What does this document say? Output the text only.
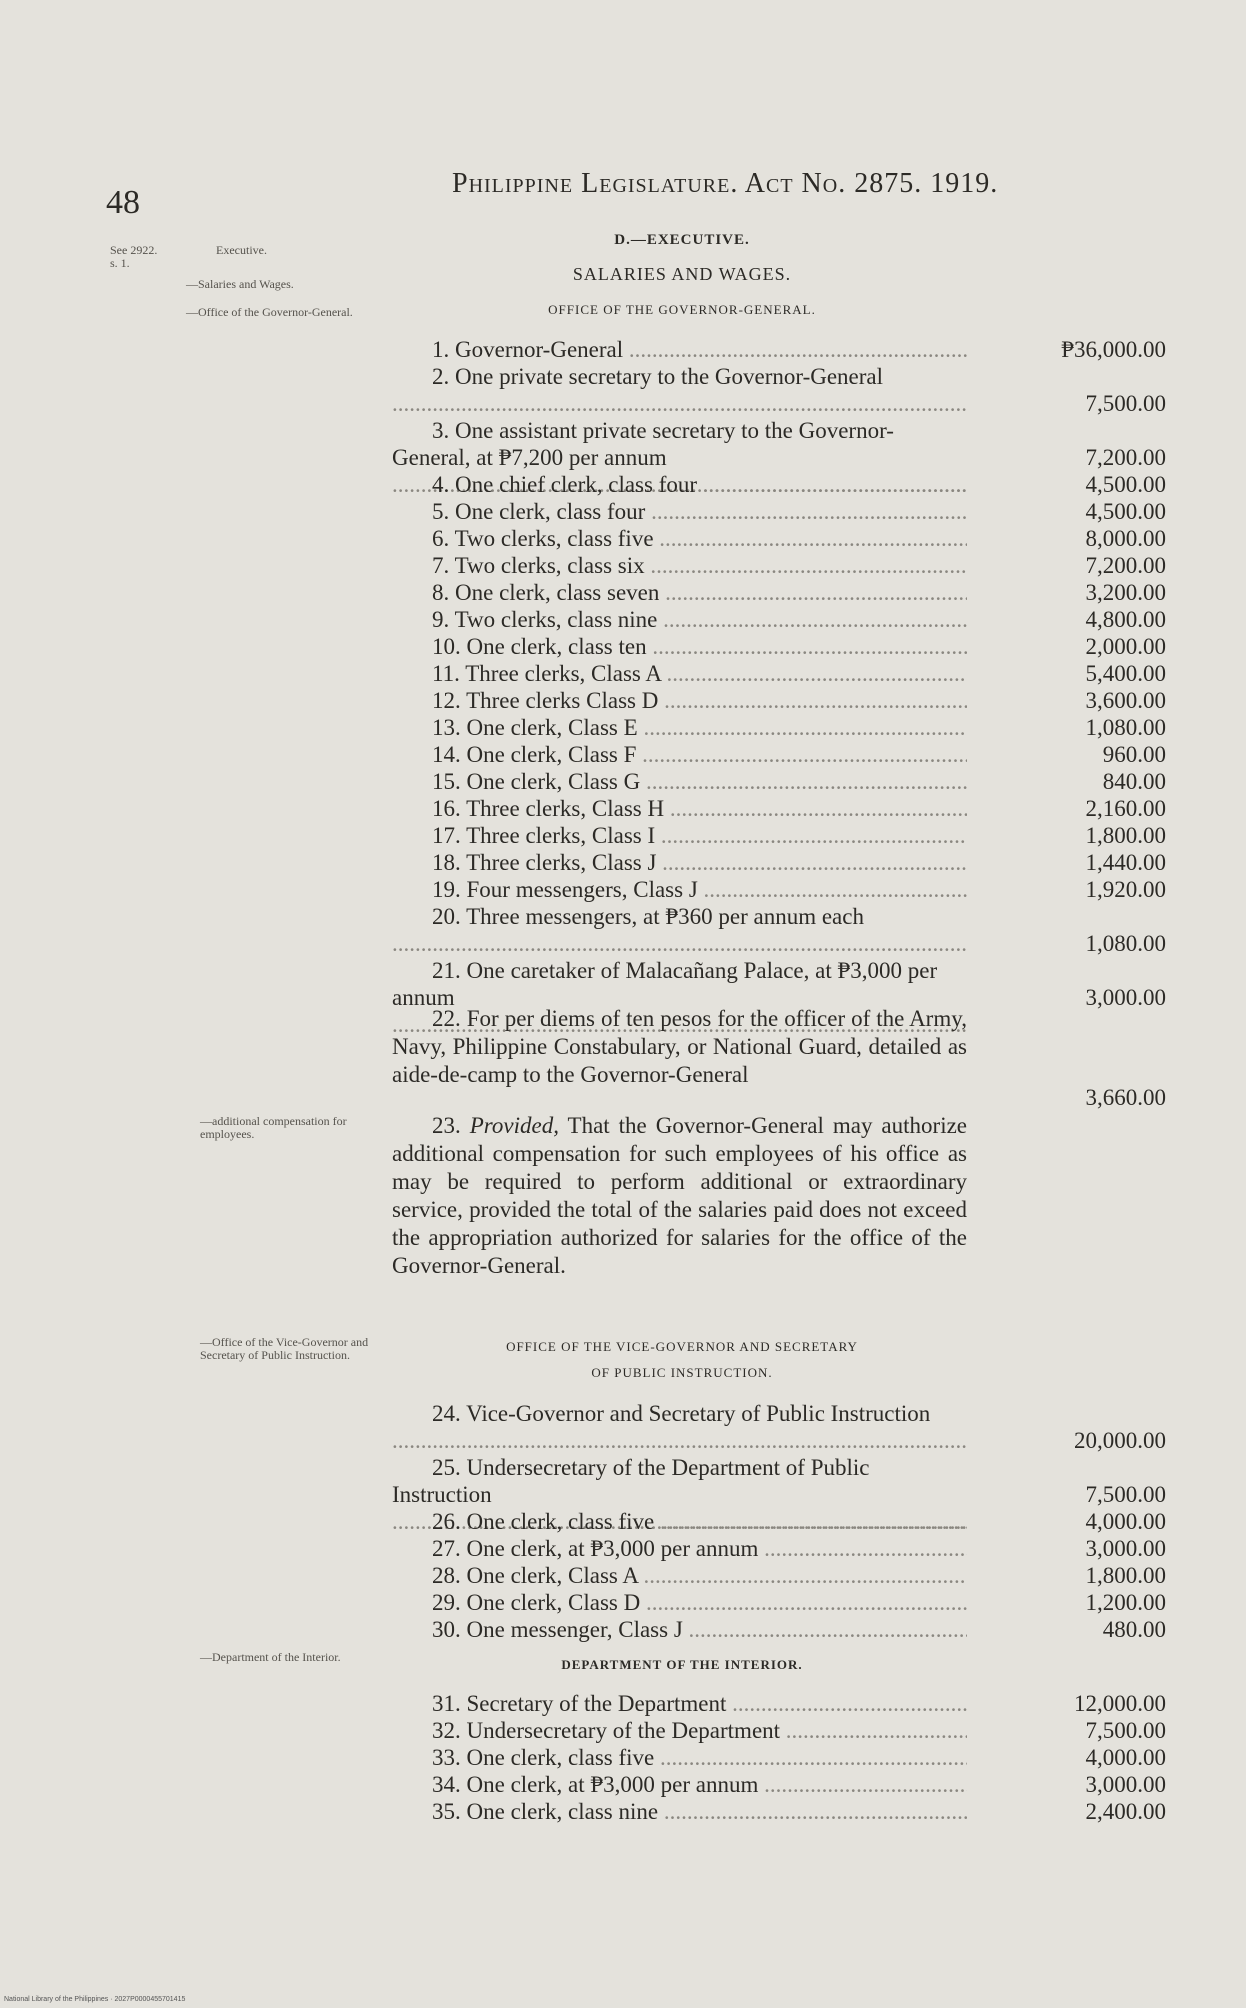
48
Philippine Legislature. Act No. 2875. 1919.
See 2922.
s. 1.
Executive.
—Salaries and Wages.
—Office of the Governor-General.
—additional compensation for employees.
—Office of the Vice-Governor and Secretary of Public Instruction.
—Department of the Interior.
D.—EXECUTIVE.
SALARIES AND WAGES.
OFFICE OF THE GOVERNOR-GENERAL.
1. Governor-General .....	₱36,000.00
2. One private secretary to the Governor-General .....
7,500.00
3. One assistant private secretary to the Governor-General, at ₱7,200 per annum .....	7,200.00
4. One chief clerk, class four .....	4,500.00
5. One clerk, class four .....	4,500.00
6. Two clerks, class five .....	8,000.00
7. Two clerks, class six .....	7,200.00
8. One clerk, class seven .....	3,200.00
9. Two clerks, class nine .....	4,800.00
10. One clerk, class ten .....	2,000.00
11. Three clerks, Class A .....	5,400.00
12. Three clerks Class D .....	3,600.00
13. One clerk, Class E .....	1,080.00
14. One clerk, Class F .....	960.00
15. One clerk, Class G .....	840.00
16. Three clerks, Class H .....	2,160.00
17. Three clerks, Class I .....	1,800.00
18. Three clerks, Class J .....	1,440.00
19. Four messengers, Class J .....	1,920.00
20. Three messengers, at ₱360 per annum each .....
1,080.00
21. One caretaker of Malacañang Palace, at ₱3,000 per annum .....	3,000.00
22. For per diems of ten pesos for the officer of the Army, Navy, Philippine Constabulary, or National Guard, detailed as aide-de-camp to the Governor-General
3,660.00
23. Provided, That the Governor-General may authorize additional compensation for such employees of his office as may be required to perform additional or extraordinary service, provided the total of the salaries paid does not exceed the appropriation authorized for salaries for the office of the Governor-General.
OFFICE OF THE VICE-GOVERNOR AND SECRETARY
OF PUBLIC INSTRUCTION.
24. Vice-Governor and Secretary of Public Instruction .....
20,000.00
25. Undersecretary of the Department of Public Instruction .....	7,500.00
26. One clerk, class five .....	4,000.00
27. One clerk, at ₱3,000 per annum .....	3,000.00
28. One clerk, Class A .....	1,800.00
29. One clerk, Class D .....	1,200.00
30. One messenger, Class J .....	480.00
DEPARTMENT OF THE INTERIOR.
31. Secretary of the Department .....	12,000.00
32. Undersecretary of the Department .....	7,500.00
33. One clerk, class five .....	4,000.00
34. One clerk, at ₱3,000 per annum .....	3,000.00
35. One clerk, class nine .....	2,400.00
National Library of the Philippines · 2027P0000455701415
